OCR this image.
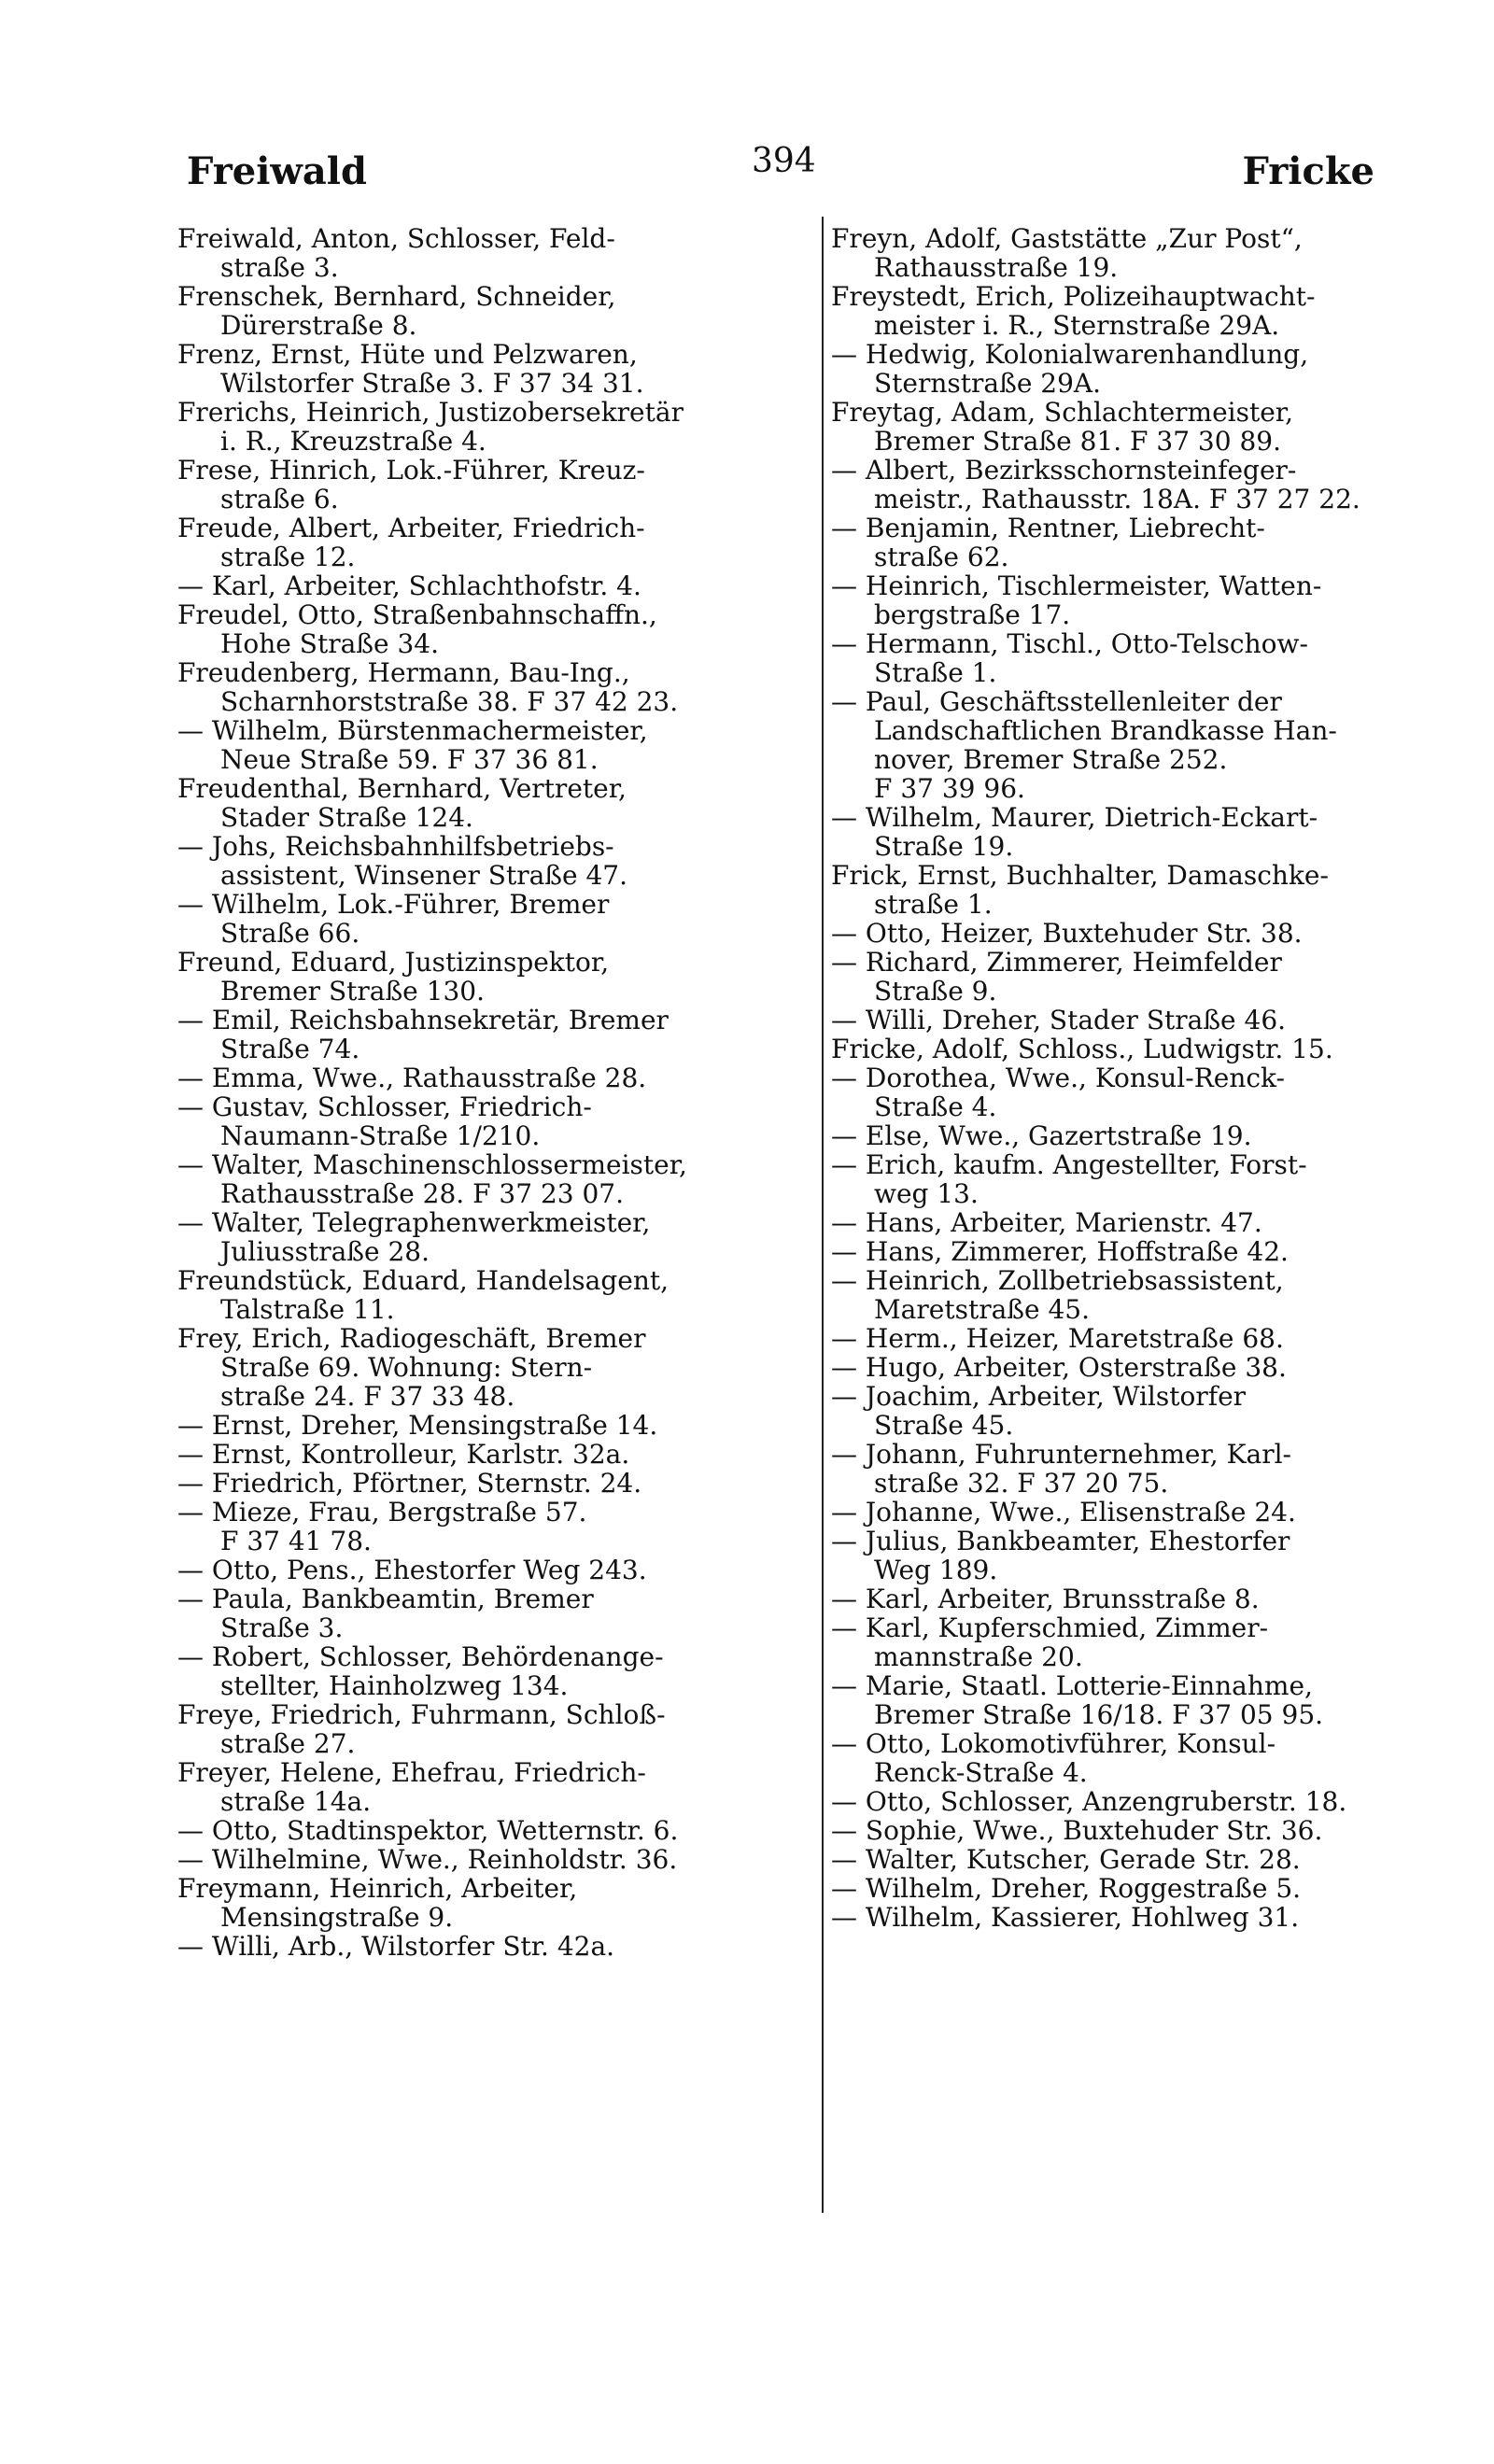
Freiwald	394	Fricke
Freiwald, Anton, Schlosser, Feld-
straße 3.
Frenschek, Bernhard, Schneider,
Dürerstraße 8.
Frenz, Ernst, Hüte und Pelzwaren,
Wilstorfer Straße 3. F 37 34 31.
Frerichs, Heinrich, Justizobersekretär
i. R., Kreuzstraße 4.
Frese, Hinrich, Lok.-Führer, Kreuz-
straße 6.
Freude, Albert, Arbeiter, Friedrich-
straße 12.
— Karl, Arbeiter, Schlachthofstr. 4.
Freudel, Otto, Straßenbahnschaffn.,
Hohe Straße 34.
Freudenberg, Hermann, Bau-Ing.,
Scharnhorststraße 38. F 37 42 23.
— Wilhelm, Bürstenmachermeister,
Neue Straße 59. F 37 36 81.
Freudenthal, Bernhard, Vertreter,
Stader Straße 124.
— Johs, Reichsbahnhilfsbetriebs-
assistent, Winsener Straße 47.
— Wilhelm, Lok.-Führer, Bremer
Straße 66.
Freund, Eduard, Justizinspektor,
Bremer Straße 130.
— Emil, Reichsbahnsekretär, Bremer
Straße 74.
— Emma, Wwe., Rathausstraße 28.
— Gustav, Schlosser, Friedrich-
Naumann-Straße 1/210.
— Walter, Maschinenschlossermeister,
Rathausstraße 28. F 37 23 07.
— Walter, Telegraphenwerkmeister,
Juliusstraße 28.
Freundstück, Eduard, Handelsagent,
Talstraße 11.
Frey, Erich, Radiogeschäft, Bremer
Straße 69. Wohnung: Stern-
straße 24. F 37 33 48.
— Ernst, Dreher, Mensingstraße 14.
— Ernst, Kontrolleur, Karlstr. 32a.
— Friedrich, Pförtner, Sternstr. 24.
— Mieze, Frau, Bergstraße 57.
F 37 41 78.
— Otto, Pens., Ehestorfer Weg 243.
— Paula, Bankbeamtin, Bremer
Straße 3.
— Robert, Schlosser, Behördenange-
stellter, Hainholzweg 134.
Freye, Friedrich, Fuhrmann, Schloß-
straße 27.
Freyer, Helene, Ehefrau, Friedrich-
straße 14a.
— Otto, Stadtinspektor, Wetternstr. 6.
— Wilhelmine, Wwe., Reinholdstr. 36.
Freymann, Heinrich, Arbeiter,
Mensingstraße 9.
— Willi, Arb., Wilstorfer Str. 42a.
Freyn, Adolf, Gaststätte „Zur Post“,
Rathausstraße 19.
Freystedt, Erich, Polizeihauptwacht-
meister i. R., Sternstraße 29A.
— Hedwig, Kolonialwarenhandlung,
Sternstraße 29A.
Freytag, Adam, Schlachtermeister,
Bremer Straße 81. F 37 30 89.
— Albert, Bezirksschornsteinfeger-
meistr., Rathausstr. 18A. F 37 27 22.
— Benjamin, Rentner, Liebrecht-
straße 62.
— Heinrich, Tischlermeister, Watten-
bergstraße 17.
— Hermann, Tischl., Otto-Telschow-
Straße 1.
— Paul, Geschäftsstellenleiter der
Landschaftlichen Brandkasse Han-
nover, Bremer Straße 252.
F 37 39 96.
— Wilhelm, Maurer, Dietrich-Eckart-
Straße 19.
Frick, Ernst, Buchhalter, Damaschke-
straße 1.
— Otto, Heizer, Buxtehuder Str. 38.
— Richard, Zimmerer, Heimfelder
Straße 9.
— Willi, Dreher, Stader Straße 46.
Fricke, Adolf, Schloss., Ludwigstr. 15.
— Dorothea, Wwe., Konsul-Renck-
Straße 4.
— Else, Wwe., Gazertstraße 19.
— Erich, kaufm. Angestellter, Forst-
weg 13.
— Hans, Arbeiter, Marienstr. 47.
— Hans, Zimmerer, Hoffstraße 42.
— Heinrich, Zollbetriebsassistent,
Maretstraße 45.
— Herm., Heizer, Maretstraße 68.
— Hugo, Arbeiter, Osterstraße 38.
— Joachim, Arbeiter, Wilstorfer
Straße 45.
— Johann, Fuhrunternehmer, Karl-
straße 32. F 37 20 75.
— Johanne, Wwe., Elisenstraße 24.
— Julius, Bankbeamter, Ehestorfer
Weg 189.
— Karl, Arbeiter, Brunsstraße 8.
— Karl, Kupferschmied, Zimmer-
mannstraße 20.
— Marie, Staatl. Lotterie-Einnahme,
Bremer Straße 16/18. F 37 05 95.
— Otto, Lokomotivführer, Konsul-
Renck-Straße 4.
— Otto, Schlosser, Anzengruberstr. 18.
— Sophie, Wwe., Buxtehuder Str. 36.
— Walter, Kutscher, Gerade Str. 28.
— Wilhelm, Dreher, Roggestraße 5.
— Wilhelm, Kassierer, Hohlweg 31.
